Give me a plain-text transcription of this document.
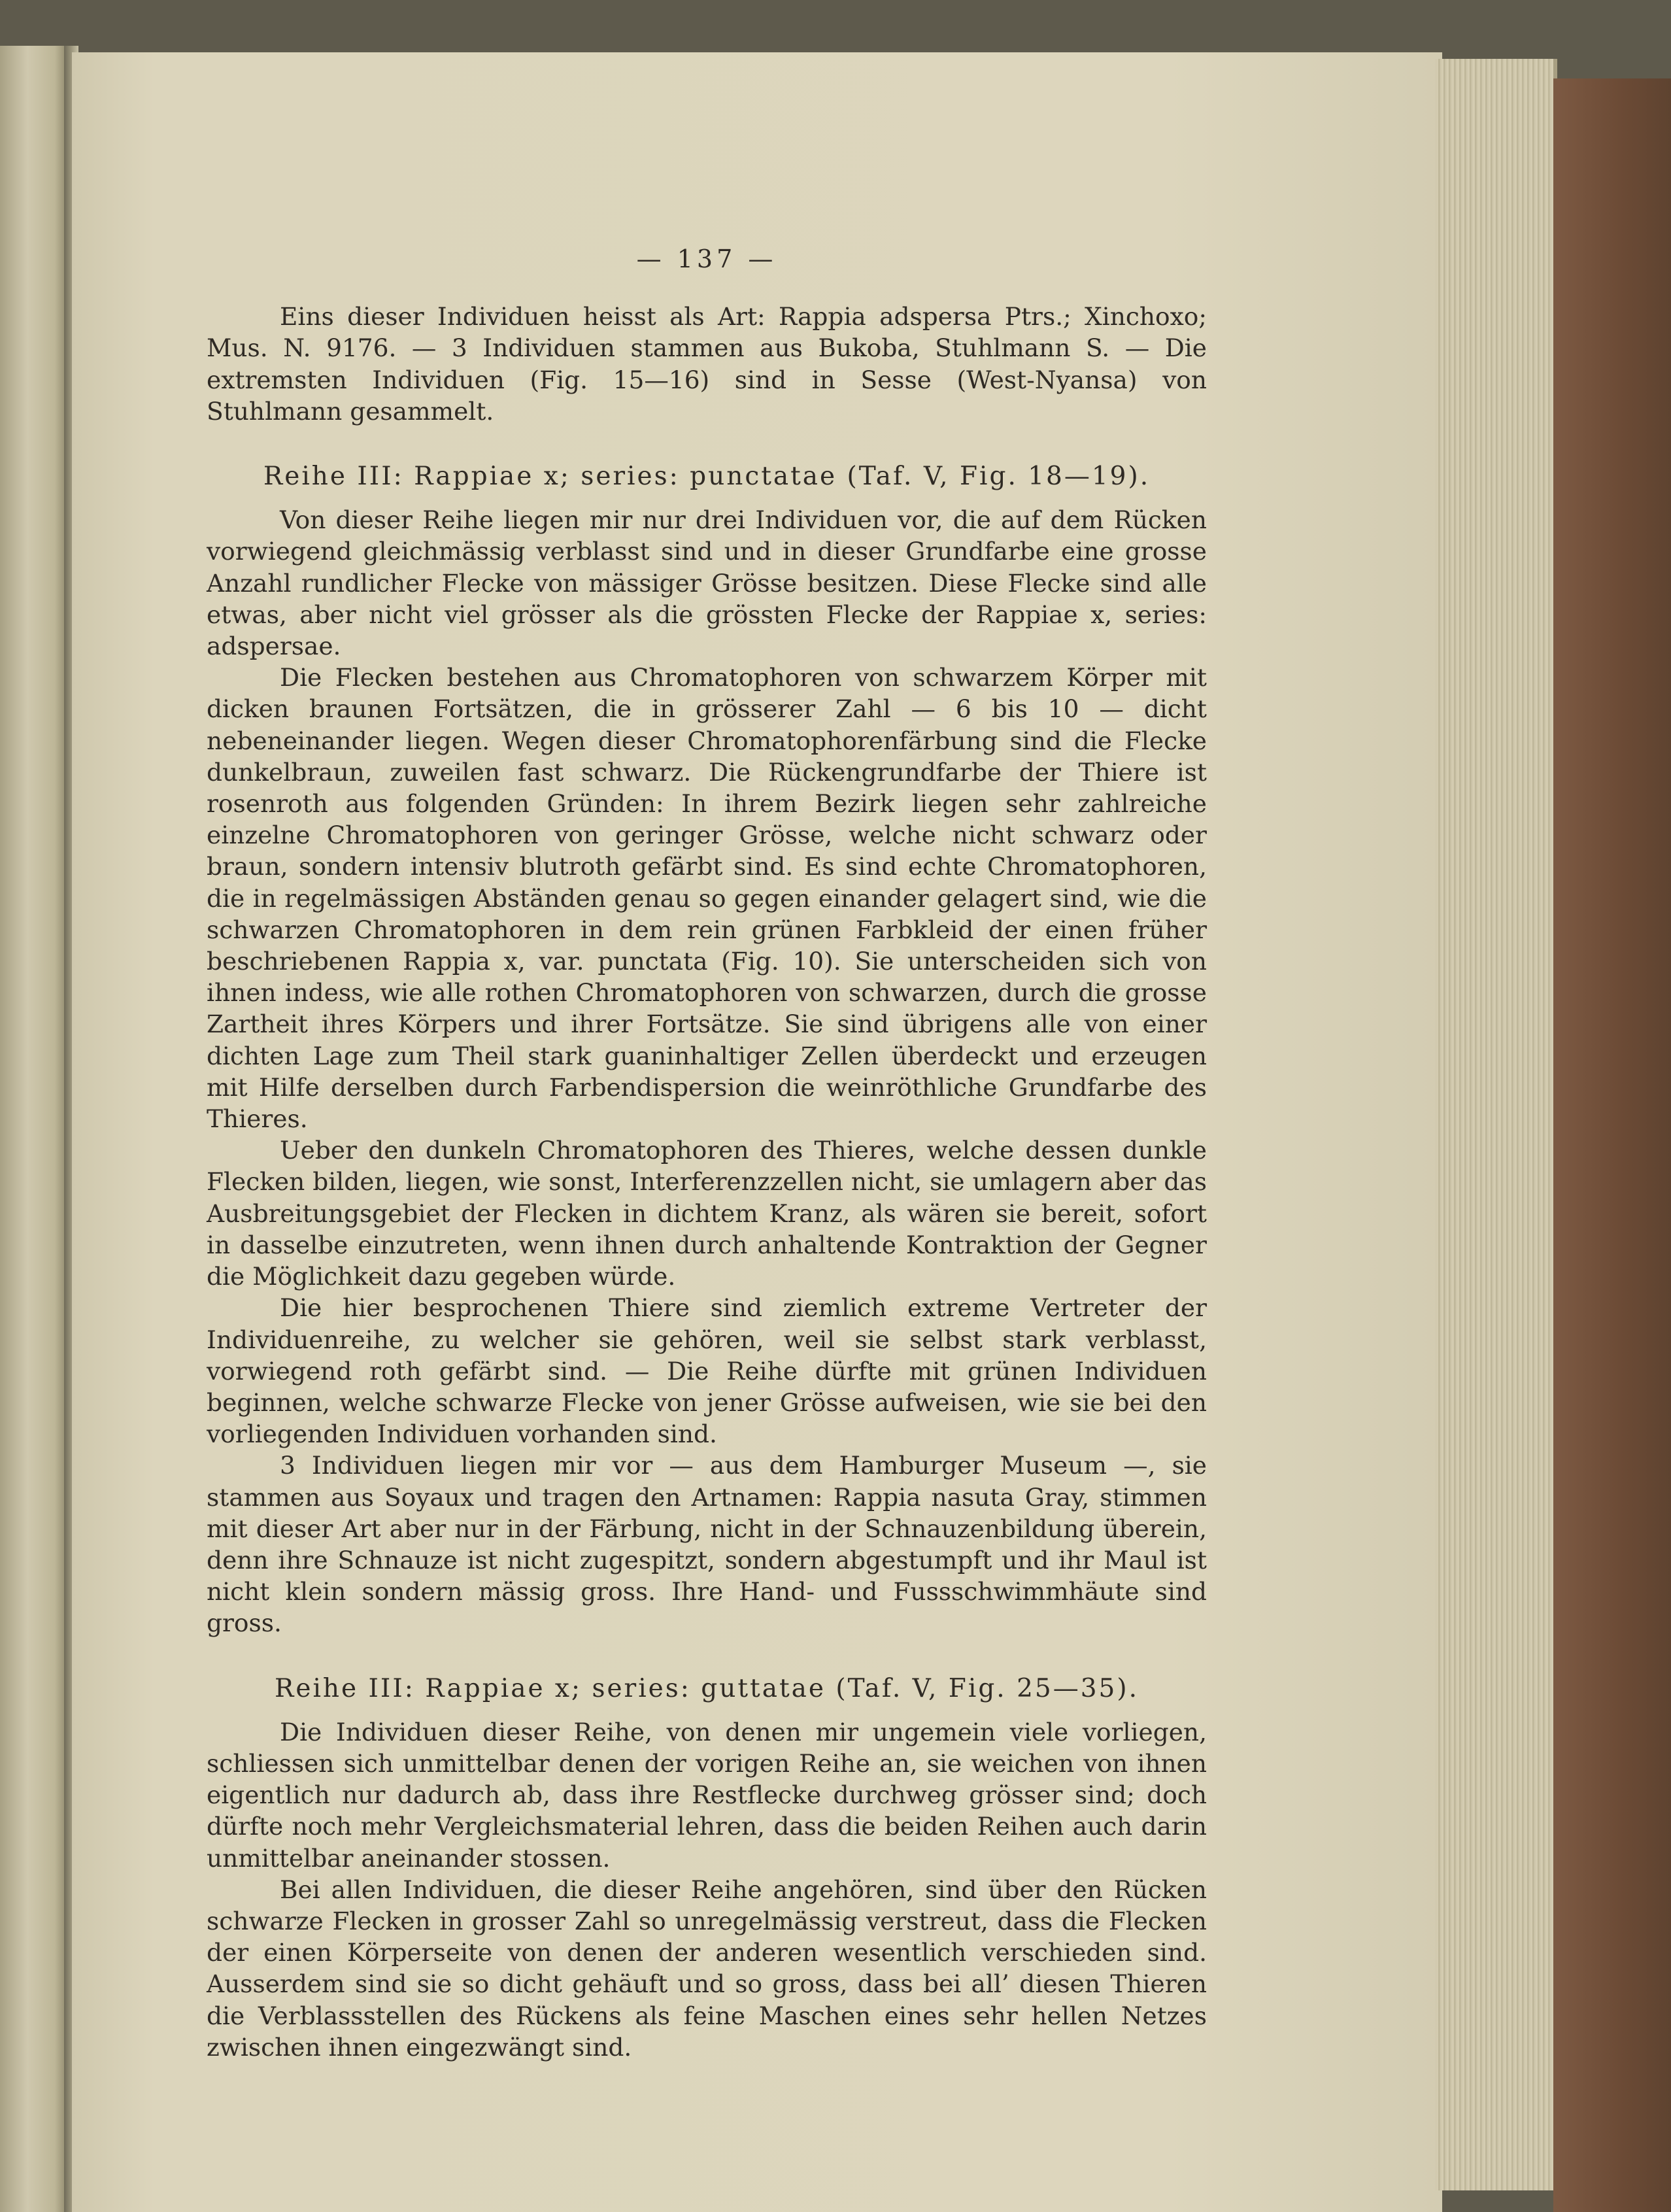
— 137 —

Eins dieser Individuen heisst als Art: Rappia adspersa Ptrs.; Xinchoxo; Mus. N. 9176. — 3 Individuen stammen aus Bukoba, Stuhlmann S. — Die extremsten Individuen (Fig. 15—16) sind in Sesse (West-Nyansa) von Stuhlmann gesammelt.

Reihe III: Rappiae x; series: punctatae (Taf. V, Fig. 18—19).

Von dieser Reihe liegen mir nur drei Individuen vor, die auf dem Rücken vorwiegend gleichmässig verblasst sind und in dieser Grundfarbe eine grosse Anzahl rundlicher Flecke von mässiger Grösse besitzen. Diese Flecke sind alle etwas, aber nicht viel grösser als die grössten Flecke der Rappiae x, series: adspersae.

Die Flecken bestehen aus Chromatophoren von schwarzem Körper mit dicken braunen Fortsätzen, die in grösserer Zahl — 6 bis 10 — dicht nebeneinander liegen. Wegen dieser Chromatophorenfärbung sind die Flecke dunkelbraun, zuweilen fast schwarz. Die Rückengrundfarbe der Thiere ist rosenroth aus folgenden Gründen: In ihrem Bezirk liegen sehr zahlreiche einzelne Chromatophoren von geringer Grösse, welche nicht schwarz oder braun, sondern intensiv blutroth gefärbt sind. Es sind echte Chromatophoren, die in regelmässigen Abständen genau so gegen einander gelagert sind, wie die schwarzen Chromatophoren in dem rein grünen Farbkleid der einen früher beschriebenen Rappia x, var. punctata (Fig. 10). Sie unterscheiden sich von ihnen indess, wie alle rothen Chromatophoren von schwarzen, durch die grosse Zartheit ihres Körpers und ihrer Fortsätze. Sie sind übrigens alle von einer dichten Lage zum Theil stark guaninhaltiger Zellen überdeckt und erzeugen mit Hilfe derselben durch Farbendispersion die weinröthliche Grundfarbe des Thieres.

Ueber den dunkeln Chromatophoren des Thieres, welche dessen dunkle Flecken bilden, liegen, wie sonst, Interferenzzellen nicht, sie umlagern aber das Ausbreitungsgebiet der Flecken in dichtem Kranz, als wären sie bereit, sofort in dasselbe einzutreten, wenn ihnen durch anhaltende Kontraktion der Gegner die Möglichkeit dazu gegeben würde.

Die hier besprochenen Thiere sind ziemlich extreme Vertreter der Individuenreihe, zu welcher sie gehören, weil sie selbst stark verblasst, vorwiegend roth gefärbt sind. — Die Reihe dürfte mit grünen Individuen beginnen, welche schwarze Flecke von jener Grösse aufweisen, wie sie bei den vorliegenden Individuen vorhanden sind.

3 Individuen liegen mir vor — aus dem Hamburger Museum —, sie stammen aus Soyaux und tragen den Artnamen: Rappia nasuta Gray, stimmen mit dieser Art aber nur in der Färbung, nicht in der Schnauzenbildung überein, denn ihre Schnauze ist nicht zugespitzt, sondern abgestumpft und ihr Maul ist nicht klein sondern mässig gross. Ihre Hand- und Fussschwimmhäute sind gross.

Reihe III: Rappiae x; series: guttatae (Taf. V, Fig. 25—35).

Die Individuen dieser Reihe, von denen mir ungemein viele vorliegen, schliessen sich unmittelbar denen der vorigen Reihe an, sie weichen von ihnen eigentlich nur dadurch ab, dass ihre Restflecke durchweg grösser sind; doch dürfte noch mehr Vergleichsmaterial lehren, dass die beiden Reihen auch darin unmittelbar aneinander stossen.

Bei allen Individuen, die dieser Reihe angehören, sind über den Rücken schwarze Flecken in grosser Zahl so unregelmässig verstreut, dass die Flecken der einen Körperseite von denen der anderen wesentlich verschieden sind. Ausserdem sind sie so dicht gehäuft und so gross, dass bei all’ diesen Thieren die Verblassstellen des Rückens als feine Maschen eines sehr hellen Netzes zwischen ihnen eingezwängt sind.
